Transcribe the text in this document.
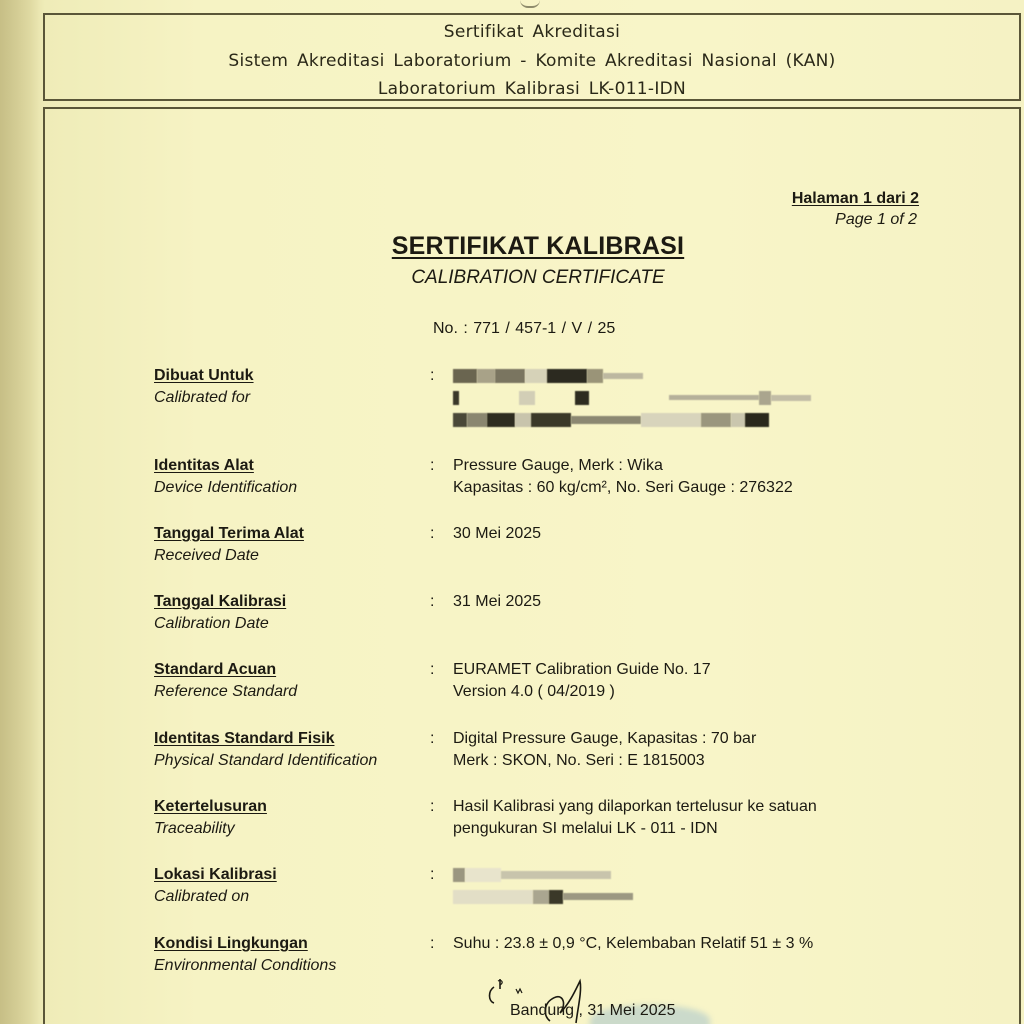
Sertifikat Akreditasi
Sistem Akreditasi Laboratorium - Komite Akreditasi Nasional (KAN)
Laboratorium Kalibrasi LK-011-IDN
Halaman 1 dari 2
Page 1 of 2
SERTIFIKAT KALIBRASI
CALIBRATION CERTIFICATE
No. : 771 / 457-1 / V / 25
Dibuat Untuk
Calibrated for
:
Identitas Alat
Device Identification
: Pressure Gauge, Merk : Wika
Kapasitas : 60 kg/cm², No. Seri Gauge : 276322
Tanggal Terima Alat
Received Date
: 30 Mei 2025
Tanggal Kalibrasi
Calibration Date
: 31 Mei 2025
Standard Acuan
Reference Standard
: EURAMET Calibration Guide No. 17
Version 4.0 ( 04/2019 )
Identitas Standard Fisik
Physical Standard Identification
: Digital Pressure Gauge, Kapasitas : 70 bar
Merk : SKON, No. Seri : E 1815003
Ketertelusuran
Traceability
: Hasil Kalibrasi yang dilaporkan tertelusur ke satuan
pengukuran SI melalui LK - 011 - IDN
Lokasi Kalibrasi
Calibrated on
:
Kondisi Lingkungan
Environmental Conditions
: Suhu : 23.8 ± 0,9 °C, Kelembaban Relatif 51 ± 3 %
Bandung , 31 Mei 2025
